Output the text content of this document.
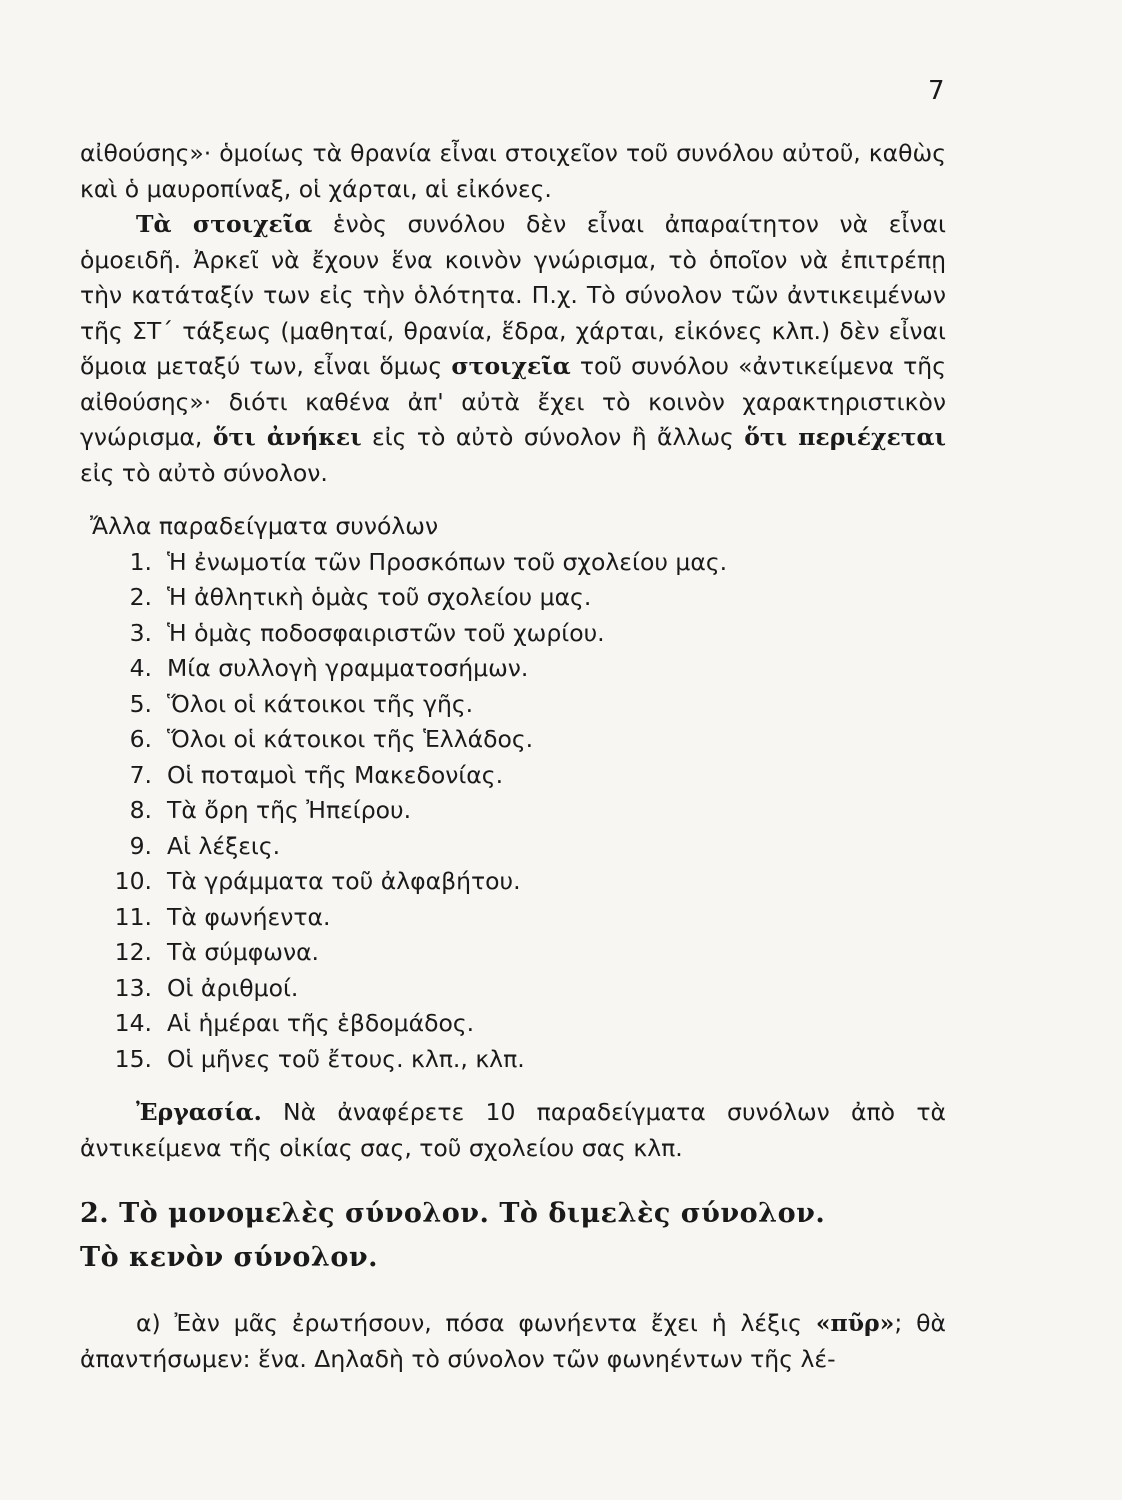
7

αἰθούσης»· ὁμοίως τὰ θρανία εἶναι στοιχεῖον τοῦ συνόλου αὐτοῦ, καθὼς καὶ ὁ μαυροπίναξ, οἱ χάρται, αἱ εἰκόνες.

Τὰ στοιχεῖα ἑνὸς συνόλου δὲν εἶναι ἀπαραίτητον νὰ εἶναι ὁμοειδῆ. Ἀρκεῖ νὰ ἔχουν ἕνα κοινὸν γνώρισμα, τὸ ὁποῖον νὰ ἐπιτρέπῃ τὴν κατάταξίν των εἰς τὴν ὁλότητα. Π.χ. Τὸ σύνολον τῶν ἀντικειμένων τῆς ΣΤ΄ τάξεως (μαθηταί, θρανία, ἕδρα, χάρται, εἰκόνες κλπ.) δὲν εἶναι ὅμοια μεταξύ των, εἶναι ὅμως στοιχεῖα τοῦ συνόλου «ἀντικείμενα τῆς αἰθούσης»· διότι καθένα ἀπ' αὐτὰ ἔχει τὸ κοινὸν χαρακτηριστικὸν γνώρισμα, ὅτι ἀνήκει εἰς τὸ αὐτὸ σύνολον ἢ ἄλλως ὅτι περιέχεται εἰς τὸ αὐτὸ σύνολον.

Ἄλλα παραδείγματα συνόλων

1. Ἡ ἐνωμοτία τῶν Προσκόπων τοῦ σχολείου μας.
2. Ἡ ἀθλητικὴ ὁμὰς τοῦ σχολείου μας.
3. Ἡ ὁμὰς ποδοσφαιριστῶν τοῦ χωρίου.
4. Μία συλλογὴ γραμματοσήμων.
5. Ὅλοι οἱ κάτοικοι τῆς γῆς.
6. Ὅλοι οἱ κάτοικοι τῆς Ἑλλάδος.
7. Οἱ ποταμοὶ τῆς Μακεδονίας.
8. Τὰ ὄρη τῆς Ἠπείρου.
9. Αἱ λέξεις.
10. Τὰ γράμματα τοῦ ἀλφαβήτου.
11. Τὰ φωνήεντα.
12. Τὰ σύμφωνα.
13. Οἱ ἀριθμοί.
14. Αἱ ἡμέραι τῆς ἑβδομάδος.
15. Οἱ μῆνες τοῦ ἔτους. κλπ., κλπ.

Ἐργασία. Νὰ ἀναφέρετε 10 παραδείγματα συνόλων ἀπὸ τὰ ἀντικείμενα τῆς οἰκίας σας, τοῦ σχολείου σας κλπ.

2. Τὸ μονομελὲς σύνολον. Τὸ διμελὲς σύνολον.
Τὸ κενὸν σύνολον.

α) Ἐὰν μᾶς ἐρωτήσουν, πόσα φωνήεντα ἔχει ἡ λέξις «πῦρ»; θὰ ἀπαντήσωμεν: ἕνα. Δηλαδὴ τὸ σύνολον τῶν φωνηέντων τῆς λέ-
